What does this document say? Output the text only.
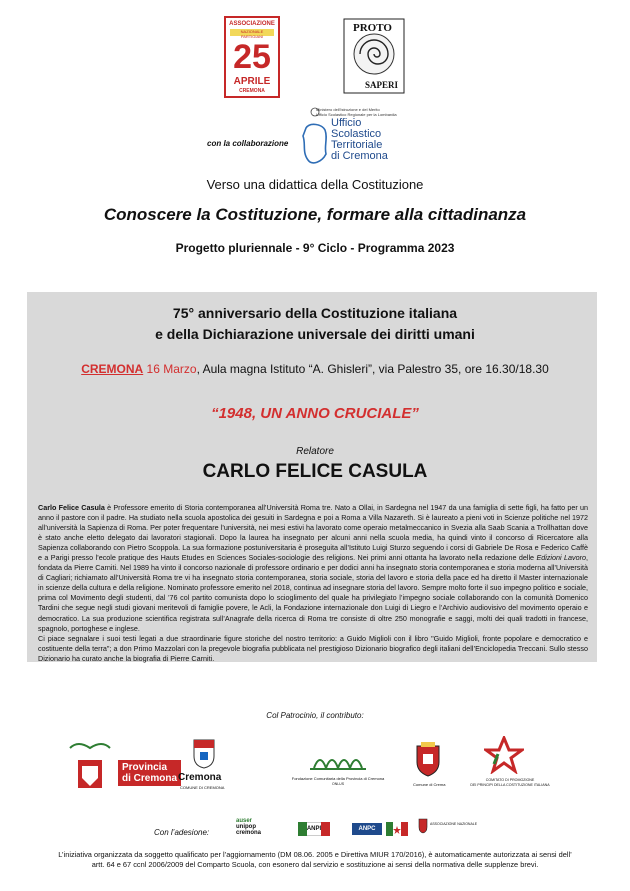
ASSOCIAZIONE
NAZIONALE PARTIGIANI
25
APRILE
CREMONA
PROTO
SAPERI
Ministero dell'Istruzione e del Merito
Ufficio Scolastico Regionale per la Lombardia
Ufficio
Scolastico
Territoriale
di Cremona
con la collaborazione
Verso una didattica della Costituzione
Conoscere la Costituzione, formare alla cittadinanza
Progetto pluriennale - 9° Ciclo - Programma 2023
75° anniversario della Costituzione italiana
e della Dichiarazione universale dei diritti umani
CREMONA 16 Marzo, Aula magna Istituto “A. Ghisleri”, via Palestro 35, ore 16.30/18.30
“1948, UN ANNO CRUCIALE”
Relatore
CARLO FELICE CASULA

Carlo Felice Casula è Professore emerito di Storia contemporanea all’Università Roma tre. Nato a Ollai, in Sardegna nel 1947 da una famiglia di sette figli, ha fatto per un anno il pastore con il padre. Ha studiato nella scuola apostolica dei gesuiti in Sardegna e poi a Roma a Villa Nazareth. Si è laureato a pieni voti in Scienze politiche nel 1972 all’università la Sapienza di Roma. Per poter frequentare l’università, nei mesi estivi ha lavorato come operaio metalmeccanico in Svezia alla Saab Scania a Trollhattan dove è stato anche eletto delegato dai lavoratori stagionali. Dopo la laurea ha insegnato per alcuni anni nella scuola media, ha quindi vinto il concorso di Ricercatore alla Sapienza collaborando con Pietro Scoppola. La sua formazione postuniversitaria è proseguita all’Istituto Luigi Sturzo seguendo i corsi di Gabriele De Rosa e Federico Caffè e a Parigi presso l’ecole pratique des Hauts Etudes en Sciences Sociales-sociologie des religions. Nei primi anni ottanta ha lavorato nella redazione delle Edizioni Lavoro, fondata da Pierre Carniti. Nel 1989 ha vinto il concorso nazionale di professore ordinario e per dodici anni ha insegnato storia contemporanea e storia moderna all’Università di Cagliari; richiamato all’Università Roma tre vi ha insegnato storia contemporanea, storia sociale, storia del lavoro e storia della pace ed ha diretto il Master internazionale in scienze della cultura e della religione. Nominato professore emerito nel 2018, continua ad insegnare storia del lavoro. Sempre molto forte il suo impegno politico e sociale, prima col Movimento degli studenti, dal ’76 col partito comunista dopo lo scioglimento del quale ha privilegiato l’impegno sociale collaborando con la comunità Domenico Tardini che segue negli studi giovani meritevoli di famiglie povere, le Acli, la Fondazione internazionale don Luigi di Liegro e l’Archivio audiovisivo del movimento operaio e democratico. La sua produzione scientifica registrata sull’Anagrafe della ricerca di Roma tre consiste di oltre 250 monografie e saggi, molti dei quali tradotti in francese, spagnolo, portoghese e inglese.

Ci piace segnalare i suoi testi legati a due straordinarie figure storiche del nostro territorio: a Guido Miglioli con il libro "Guido Miglioli, fronte popolare e democratico e costituente della terra"; a don Primo Mazzolari con la pregevole biografia pubblicata nel prestigioso Dizionario biografico degli italiani dell’Enciclopedia Treccani. Sullo stesso Dizionario ha curato anche la biografia di Pierre Carniti.

Col Patrocinio, il contributo:
Provincia
di Cremona Cremona
COMUNE DI CREMONA
Fondazione Comunitaria della Provincia di Cremona
ONLUS	Comune di Crema
COMITATO DI PROMOZIONE
DEI PRINCIPI DELLA COSTITUZIONE ITALIANA
Con l’adesione:
auser
unipop
cremona
ANPI	ANPC
ASSOCIAZIONE NAZIONALE
L’iniziativa organizzata da soggetto qualificato per l’aggiornamento (DM 08.06. 2005 e Direttiva MIUR 170/2016), è automaticamente autorizzata ai sensi dell’ artt. 64 e 67 ccnl 2006/2009 del Comparto Scuola, con esonero dal servizio e sostituzione ai sensi della normativa delle supplenze brevi.
